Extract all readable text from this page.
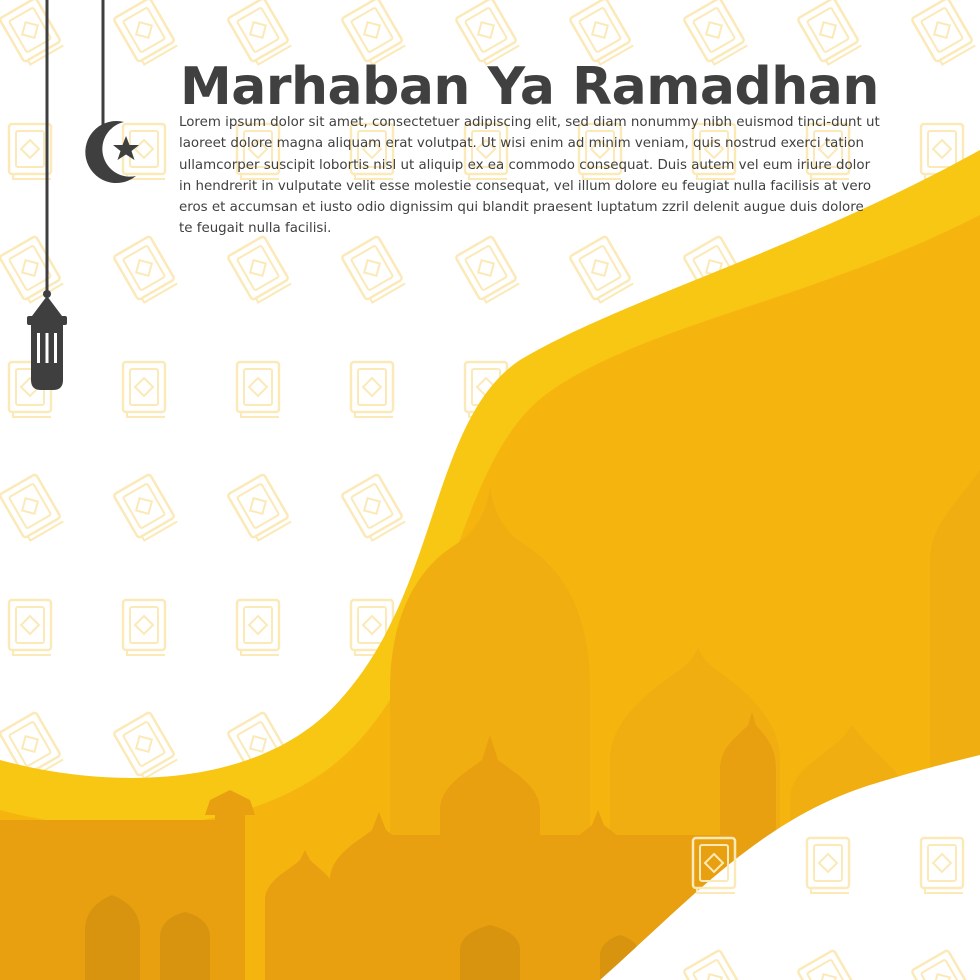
Marhaban Ya Ramadhan

Lorem ipsum dolor sit amet, consectetuer adipiscing elit, sed diam nonummy nibh euismod tinci-dunt ut laoreet dolore magna aliquam erat volutpat. Ut wisi enim ad minim veniam, quis nostrud exerci tation ullamcorper suscipit lobortis nisl ut aliquip ex ea commodo consequat. Duis autem vel eum iriure dolor in hendrerit in vulputate velit esse molestie consequat, vel illum dolore eu feugiat nulla facilisis at vero eros et accumsan et iusto odio dignissim qui blandit praesent luptatum zzril delenit augue duis dolore te feugait nulla facilisi.
